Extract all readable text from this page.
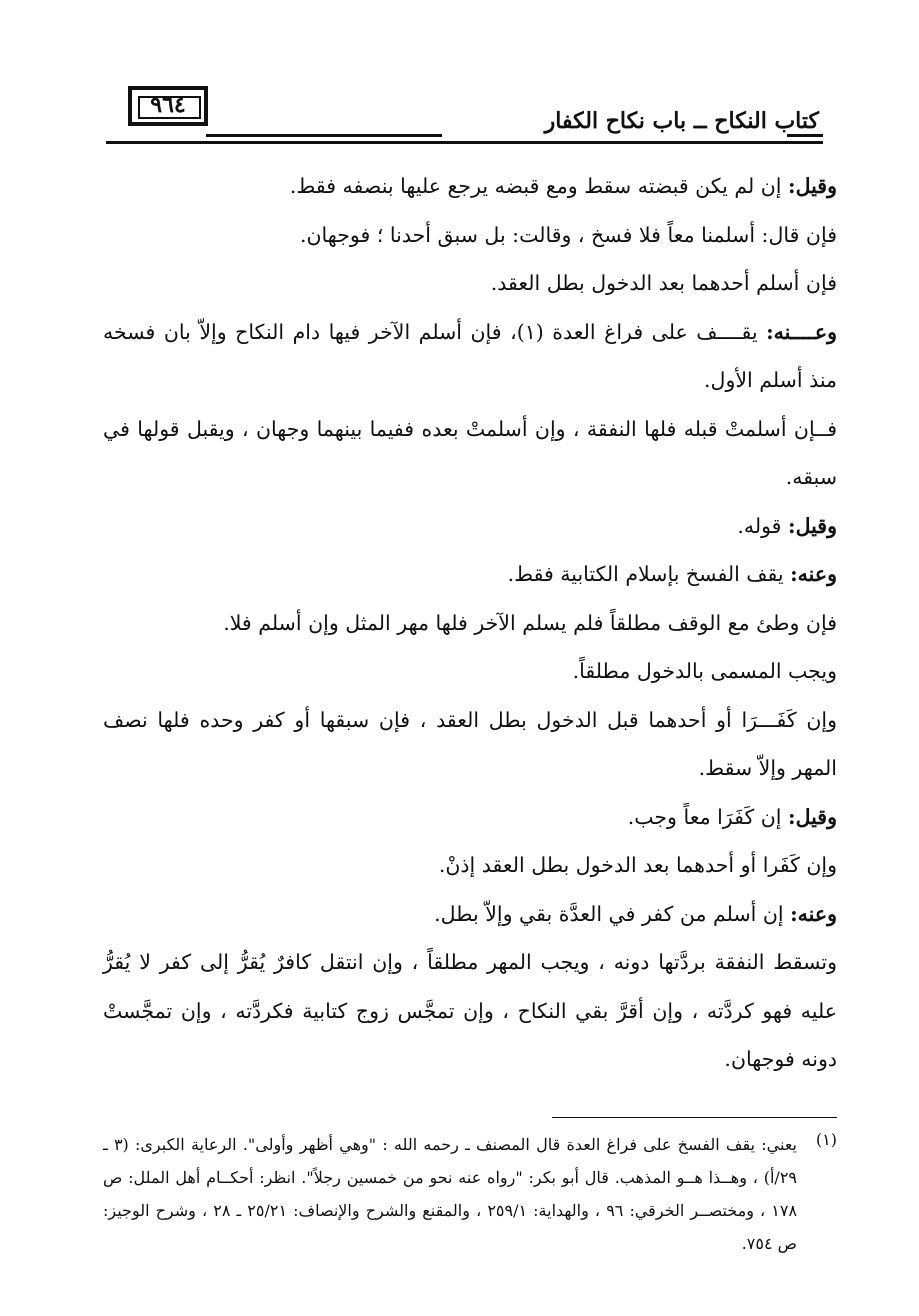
٩٦٤
كتاب النكاح ــ باب نكاح الكفار

وقيل: إن لم يكن قبضته سقط ومع قبضه يرجع عليها بنصفه فقط.

فإن قال: أسلمنا معاً فلا فسخ ، وقالت: بل سبق أحدنا ؛ فوجهان.

فإن أسلم أحدهما بعد الدخول بطل العقد.

وعــــنه: يقــــف على فراغ العدة (١)، فإن أسلم الآخر فيها دام النكاح وإلاّ بان فسخه منذ أسلم الأول.

فــإن أسلمتْ قبله فلها النفقة ، وإن أسلمتْ بعده ففيما بينهما وجهان ، ويقبل قولها في سبقه.

وقيل: قوله.

وعنه: يقف الفسخ بإسلام الكتابية فقط.

فإن وطئ مع الوقف مطلقاً فلم يسلم الآخر فلها مهر المثل وإن أسلم فلا.

ويجب المسمى بالدخول مطلقاً.

وإن كَفَـــرَا أو أحدهما قبل الدخول بطل العقد ، فإن سبقها أو كفر وحده فلها نصف المهر وإلاّ سقط.

وقيل: إن كَفَرَا معاً وجب.

وإن كَفَرا أو أحدهما بعد الدخول بطل العقد إذنْ.

وعنه: إن أسلم من كفر في العدَّة بقي وإلاّ بطل.

وتسقط النفقة بردَّتها دونه ، ويجب المهر مطلقاً ، وإن انتقل كافرٌ يُقرُّ إلى كفر لا يُقرُّ عليه فهو كردَّته ، وإن أقرَّ بقي النكاح ، وإن تمجَّس زوج كتابية فكردَّته ، وإن تمجَّستْ دونه فوجهان.

(١)

يعني: يقف الفسخ على فراغ العدة قال المصنف ـ رحمه الله : "وهي أظهر وأولى". الرعاية الكبرى: (٣ ـ ٢٩/أ) ، وهــذا هــو المذهب. قال أبو بكر: "رواه عنه نحو من خمسين رجلاً". انظر: أحكــام أهل الملل: ص ١٧٨ ، ومختصــر الخرقي: ٩٦ ، والهداية: ٢٥٩/١ ، والمقنع والشرح والإنصاف: ٢٥/٢١ ـ ٢٨ ، وشرح الوجيز: ص ٧٥٤.
